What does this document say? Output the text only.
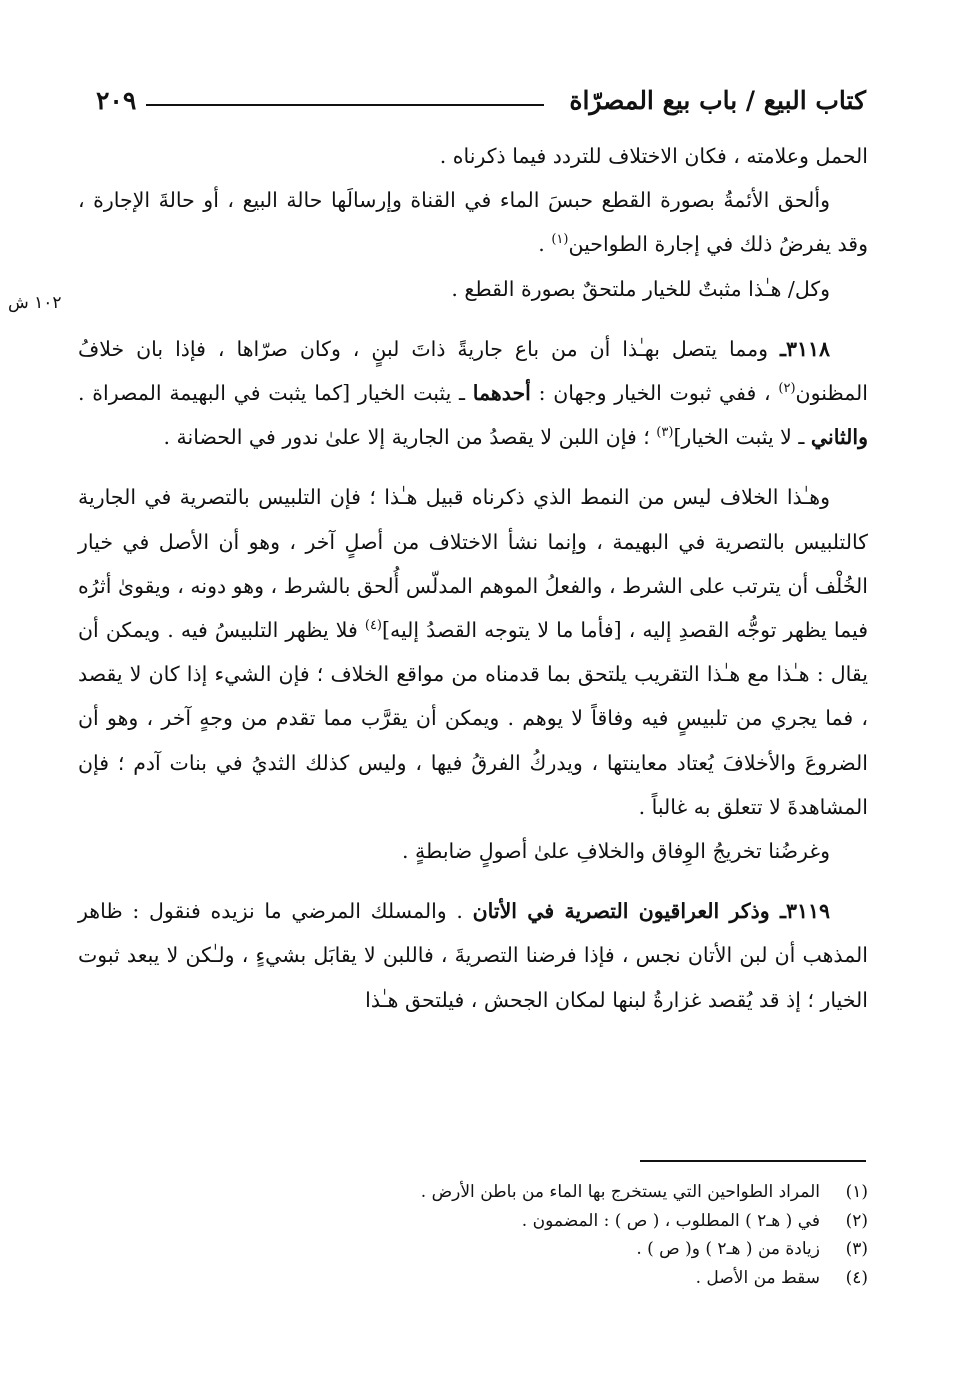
كتاب البيع / باب بيع المصرّاة
٢٠٩
١٠٢ ش

الحمل وعلامته ، فكان الاختلاف للتردد فيما ذكرناه .

وألحق الأئمةُ بصورة القطع حبسَ الماء في القناة وإرسالَها حالة البيع ، أو حالةَ الإجارة ، وقد يفرضُ ذلك في إجارة الطواحين$^{(١)}$ .

وكل/ هـٰذا مثبتٌ للخيار ملتحقٌ بصورة القطع .

٣١١٨ـ ومما يتصل بهـٰذا أن من باع جاريةً ذاتَ لبنٍ ، وكان صرّاها ، فإذا بان خلافُ المظنون$^{(٢)}$ ، ففي ثبوت الخيار وجهان : أحدهما ـ يثبت الخيار [كما يثبت في البهيمة المصراة . والثاني ـ لا يثبت الخيار]$^{(٣)}$ ؛ فإن اللبن لا يقصدُ من الجارية إلا علىٰ ندور في الحضانة .

وهـٰذا الخلاف ليس من النمط الذي ذكرناه قبيل هـٰذا ؛ فإن التلبيس بالتصرية في الجارية كالتلبيس بالتصرية في البهيمة ، وإنما نشأ الاختلاف من أصلٍ آخر ، وهو أن الأصل في خيار الخُلْف أن يترتب على الشرط ، والفعلُ الموهم المدلّس أُلحق بالشرط ، وهو دونه ، ويقوىٰ أثرُه فيما يظهر توجُّه القصدِ إليه ، [فأما ما لا يتوجه القصدُ إليه]$^{(٤)}$ فلا يظهر التلبيسُ فيه . ويمكن أن يقال : هـٰذا مع هـٰذا التقريب يلتحق بما قدمناه من مواقع الخلاف ؛ فإن الشيء إذا كان لا يقصد ، فما يجري من تلبيسٍ فيه وفاقاً لا يوهم . ويمكن أن يقرَّب مما تقدم من وجهٍ آخر ، وهو أن الضروعَ والأخلافَ يُعتاد معاينتها ، ويدركُ الفرقُ فيها ، وليس كذلك الثديُ في بنات آدم ؛ فإن المشاهدةَ لا تتعلق به غالباً .

وغرضُنا تخريجُ الوِفاق والخلافِ علىٰ أصولٍ ضابطةٍ .

٣١١٩ـ وذكر العراقيون التصرية في الأتان . والمسلك المرضي ما نزيده فنقول : ظاهر المذهب أن لبن الأتان نجس ، فإذا فرضنا التصريةَ ، فاللبن لا يقابَل بشيءٍ ، ولـٰكن لا يبعد ثبوت الخيار ؛ إذ قد يُقصد غزارةُ لبنها لمكان الجحش ، فيلتحق هـٰذا

(١)
المراد الطواحين التي يستخرج بها الماء من باطن الأرض .
(٢)
في ( هـ٢ ) المطلوب ، ( ص ) : المضمون .
(٣)
زيادة من ( هـ٢ ) و( ص ) .
(٤)
سقط من الأصل .
